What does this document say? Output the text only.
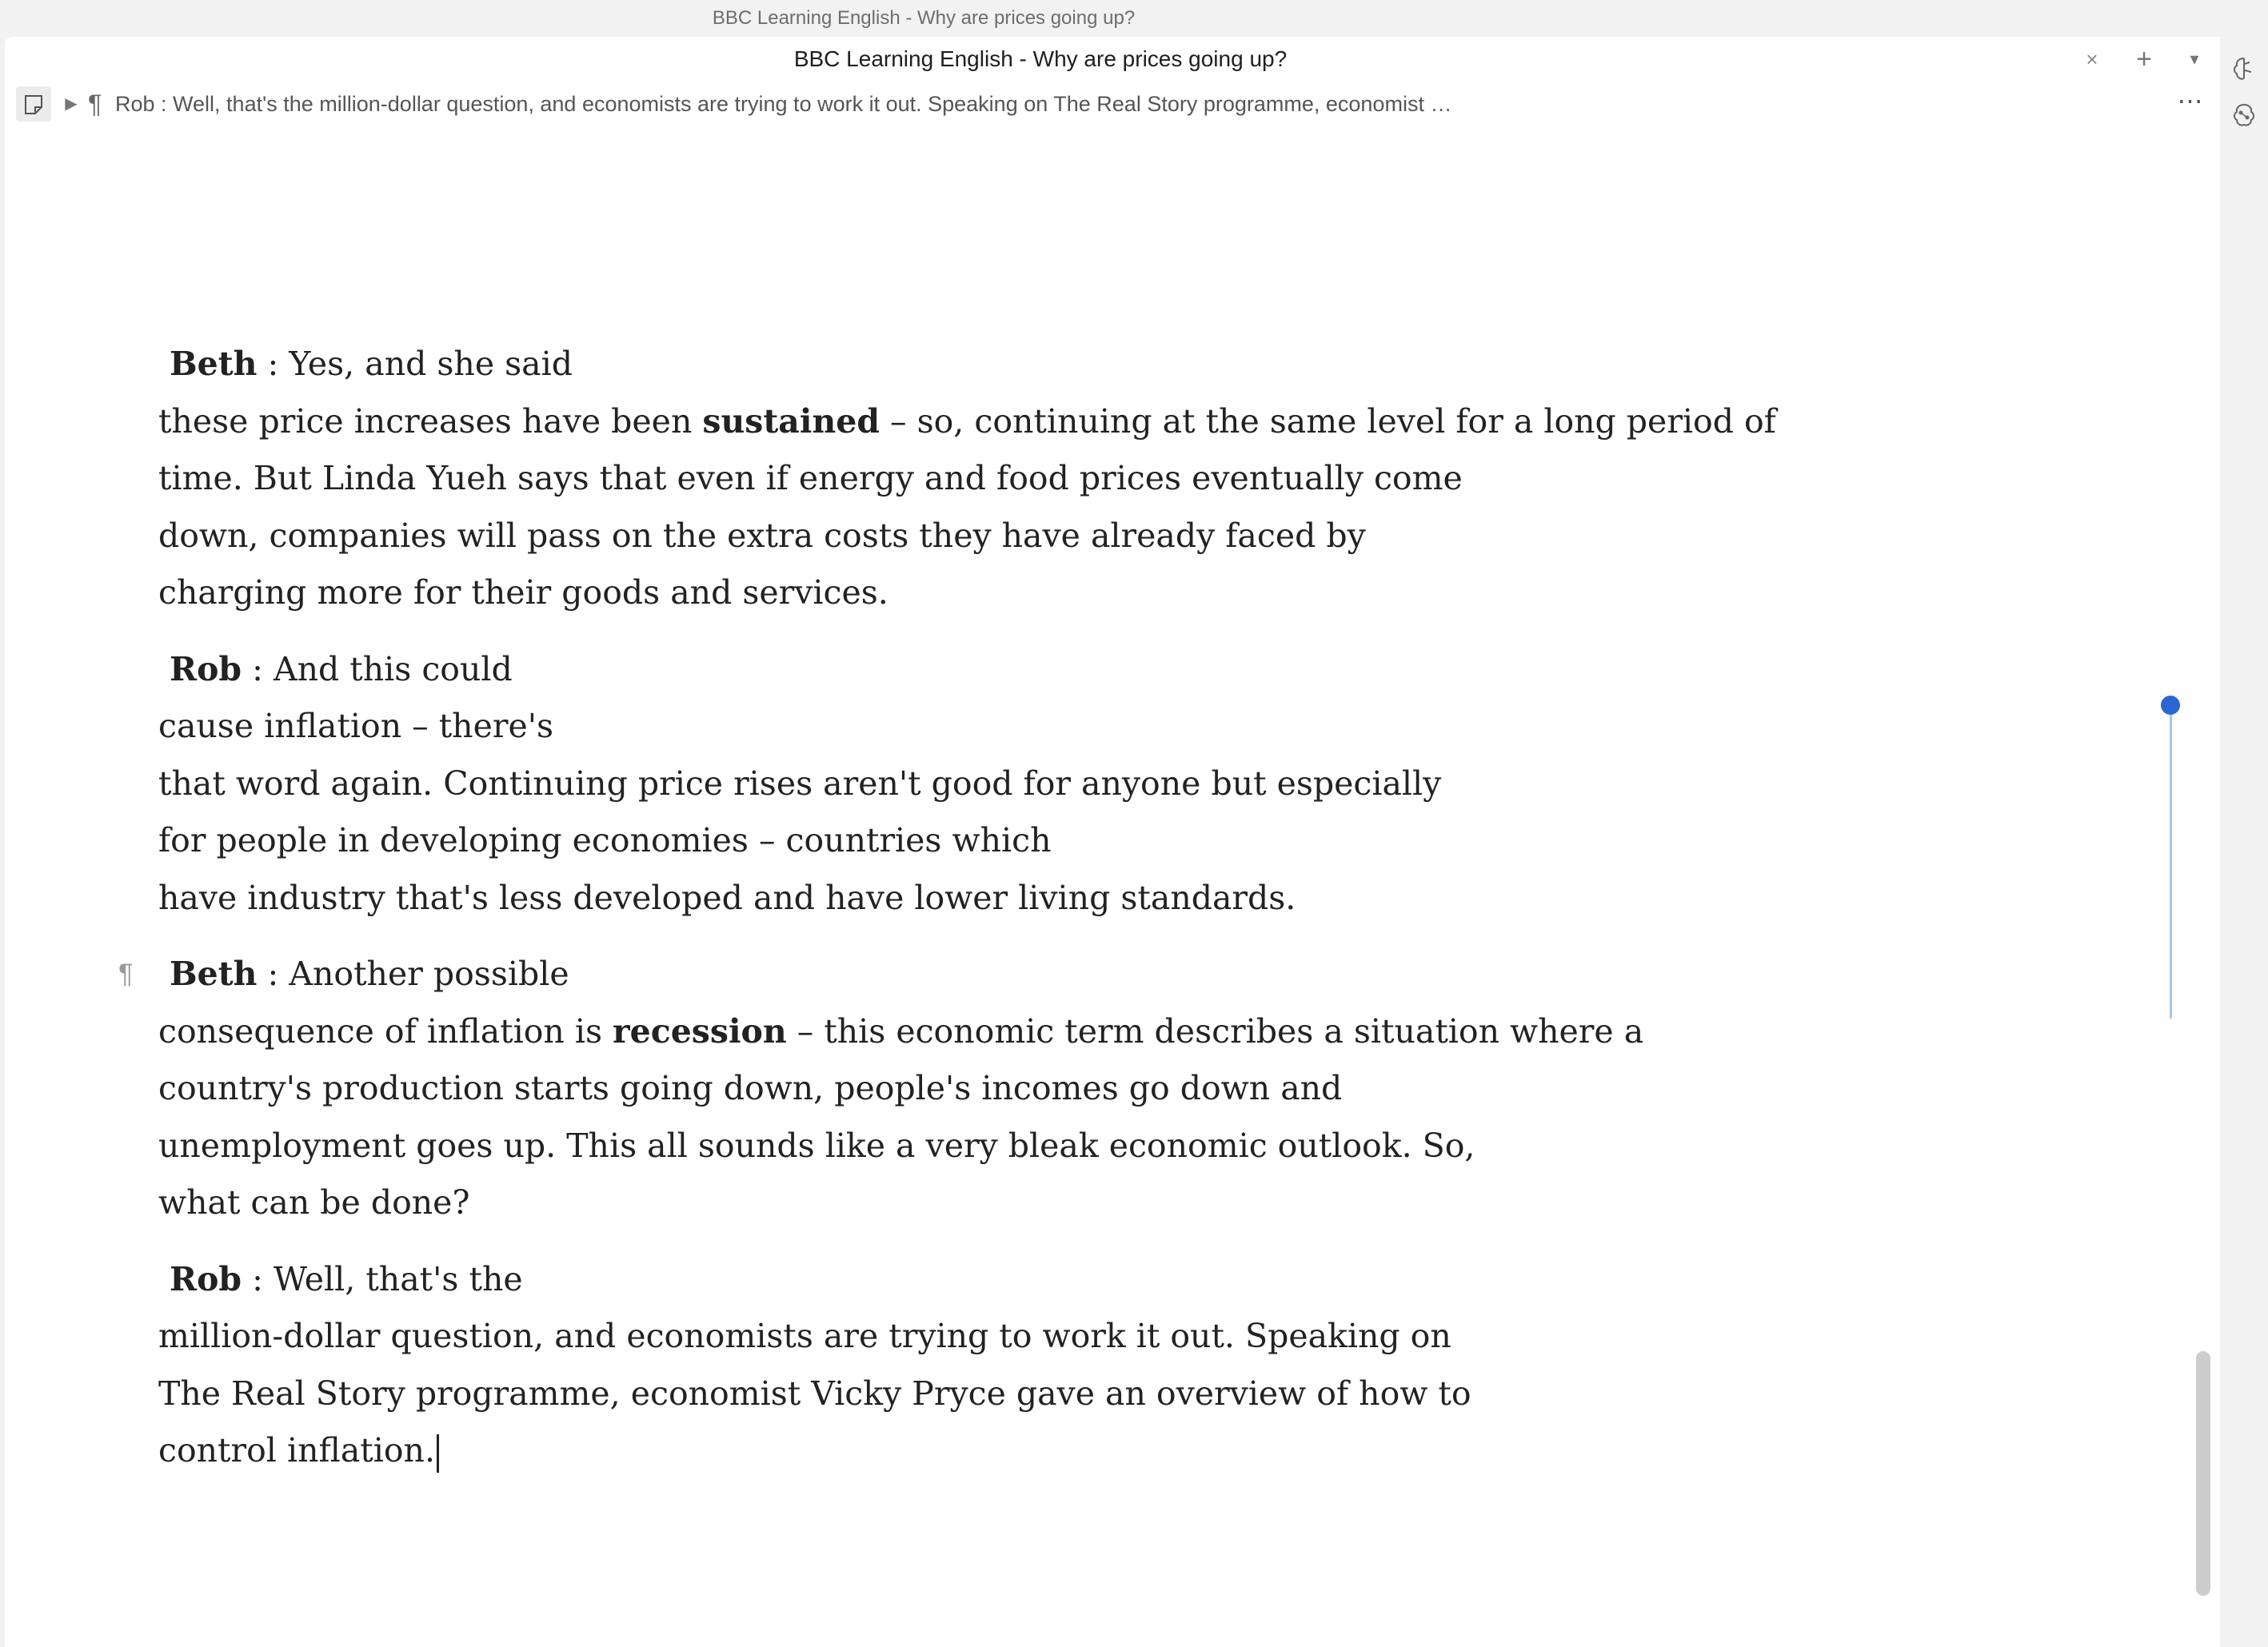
BBC Learning English - Why are prices going up?
BBC Learning English - Why are prices going up?	×	+	▾
▶ ¶ Rob : Well, that's the million-dollar question, and economists are trying to work it out. Speaking on The Real Story programme, economist …	⋯
Beth : Yes, and she said
these price increases have been sustained – so, continuing at the same level for a long period of
time. But Linda Yueh says that even if energy and food prices eventually come
down, companies will pass on the extra costs they have already faced by
charging more for their goods and services.
Rob : And this could
cause inflation – there's
that word again. Continuing price rises aren't good for anyone but especially
for people in developing economies – countries which
have industry that's less developed and have lower living standards.
¶ Beth : Another possible
consequence of inflation is recession – this economic term describes a situation where a
country's production starts going down, people's incomes go down and
unemployment goes up. This all sounds like a very bleak economic outlook. So,
what can be done?
Rob : Well, that's the
million-dollar question, and economists are trying to work it out. Speaking on
The Real Story programme, economist Vicky Pryce gave an overview of how to
control inflation.
